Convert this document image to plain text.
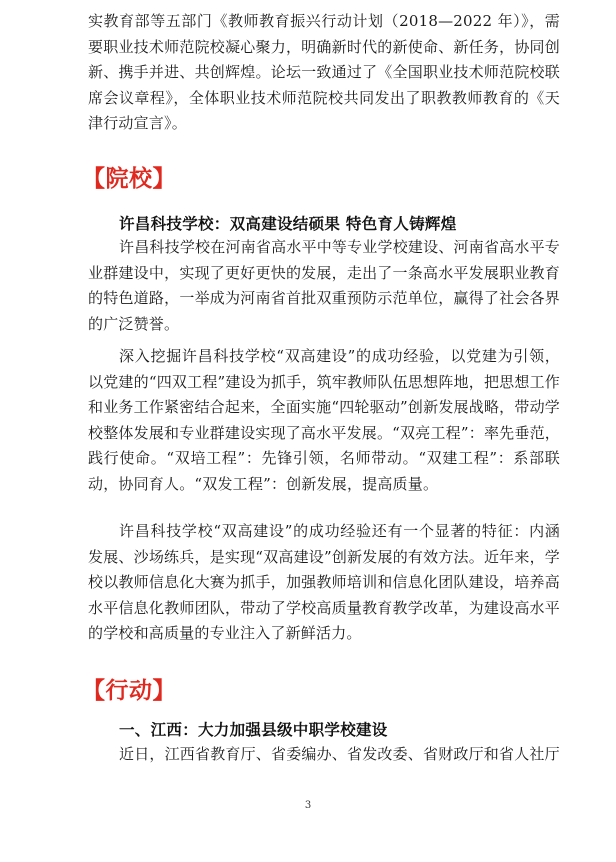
实教育部等五部门《教师教育振兴行动计划（2018—2022 年）》，需要职业技术师范院校凝心聚力，明确新时代的新使命、新任务，协同创新、携手并进、共创辉煌。论坛一致通过了《全国职业技术师范院校联席会议章程》，全体职业技术师范院校共同发出了职教教师教育的《天津行动宣言》。

【院校】
许昌科技学校：双高建设结硕果 特色育人铸辉煌

许昌科技学校在河南省高水平中等专业学校建设、河南省高水平专业群建设中，实现了更好更快的发展，走出了一条高水平发展职业教育的特色道路，一举成为河南省首批双重预防示范单位，赢得了社会各界的广泛赞誉。

深入挖掘许昌科技学校“双高建设”的成功经验，以党建为引领，以党建的“四双工程”建设为抓手，筑牢教师队伍思想阵地，把思想工作和业务工作紧密结合起来，全面实施“四轮驱动”创新发展战略，带动学校整体发展和专业群建设实现了高水平发展。“双亮工程”：率先垂范，践行使命。“双培工程”：先锋引领，名师带动。“双建工程”：系部联动，协同育人。“双发工程”：创新发展，提高质量。

许昌科技学校“双高建设”的成功经验还有一个显著的特征：内涵发展、沙场练兵，是实现“双高建设”创新发展的有效方法。近年来，学校以教师信息化大赛为抓手，加强教师培训和信息化团队建设，培养高水平信息化教师团队，带动了学校高质量教育教学改革，为建设高水平的学校和高质量的专业注入了新鲜活力。

【行动】
一、江西：大力加强县级中职学校建设

近日，江西省教育厅、省委编办、省发改委、省财政厅和省人社厅

3
